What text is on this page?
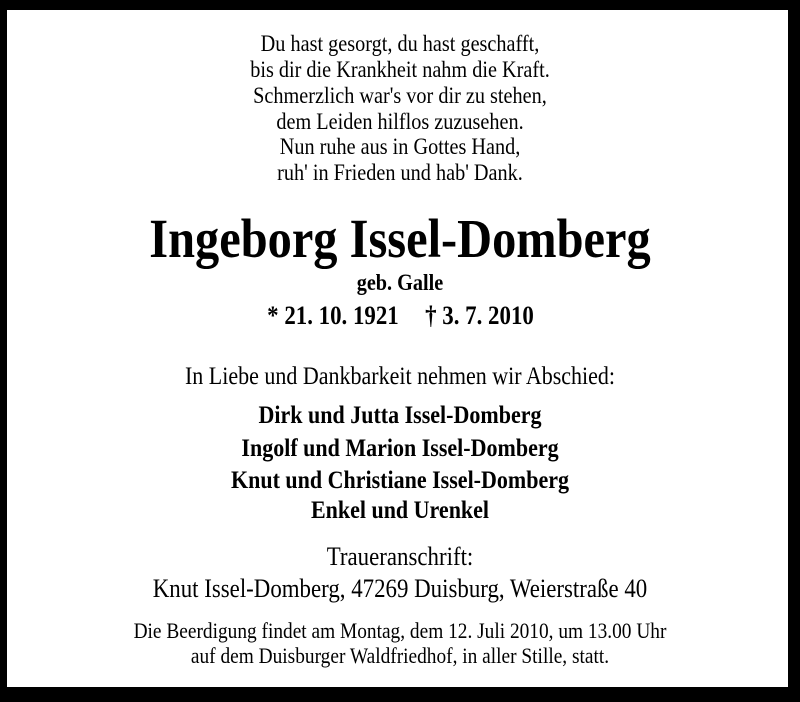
Du hast gesorgt, du hast geschafft,
bis dir die Krankheit nahm die Kraft.
Schmerzlich war's vor dir zu stehen,
dem Leiden hilflos zuzusehen.
Nun ruhe aus in Gottes Hand,
ruh' in Frieden und hab' Dank.
Ingeborg Issel-Domberg
geb. Galle
* 21. 10. 1921 † 3. 7. 2010
In Liebe und Dankbarkeit nehmen wir Abschied:
Dirk und Jutta Issel-Domberg
Ingolf und Marion Issel-Domberg
Knut und Christiane Issel-Domberg
Enkel und Urenkel
Traueranschrift:
Knut Issel-Domberg, 47269 Duisburg, Weierstraße 40
Die Beerdigung findet am Montag, dem 12. Juli 2010, um 13.00 Uhr
auf dem Duisburger Waldfriedhof, in aller Stille, statt.
